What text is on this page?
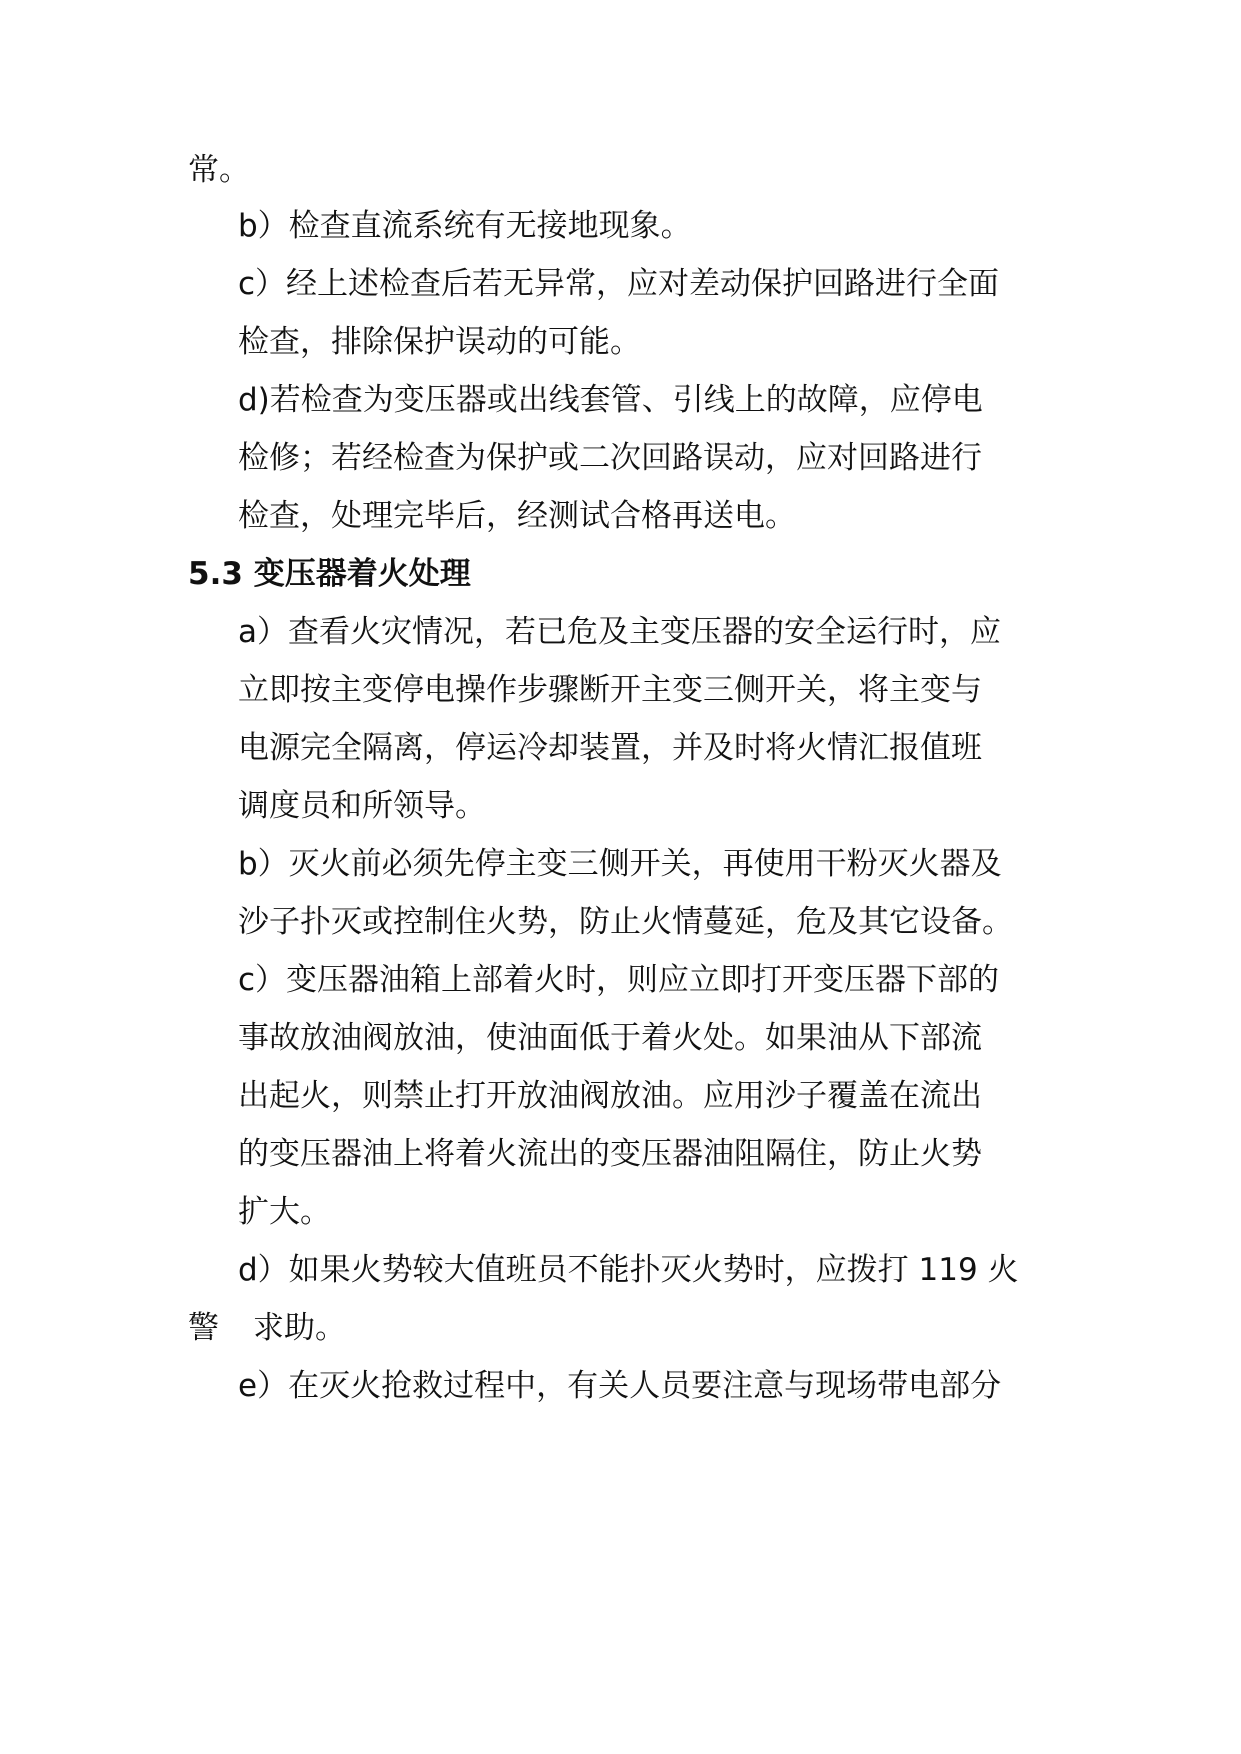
常。
b）检查直流系统有无接地现象。
c）经上述检查后若无异常，应对差动保护回路进行全面
检查，排除保护误动的可能。
d)若检查为变压器或出线套管、引线上的故障，应停电
检修；若经检查为保护或二次回路误动，应对回路进行
检查，处理完毕后，经测试合格再送电。
5.3 变压器着火处理
a）查看火灾情况，若已危及主变压器的安全运行时，应
立即按主变停电操作步骤断开主变三侧开关，将主变与
电源完全隔离，停运冷却装置，并及时将火情汇报值班
调度员和所领导。
b）灭火前必须先停主变三侧开关，再使用干粉灭火器及
沙子扑灭或控制住火势，防止火情蔓延，危及其它设备。
c）变压器油箱上部着火时，则应立即打开变压器下部的
事故放油阀放油，使油面低于着火处。如果油从下部流
出起火，则禁止打开放油阀放油。应用沙子覆盖在流出
的变压器油上将着火流出的变压器油阻隔住，防止火势
扩大。
d）如果火势较大值班员不能扑灭火势时，应拨打 119 火
警 求助。
e）在灭火抢救过程中，有关人员要注意与现场带电部分
